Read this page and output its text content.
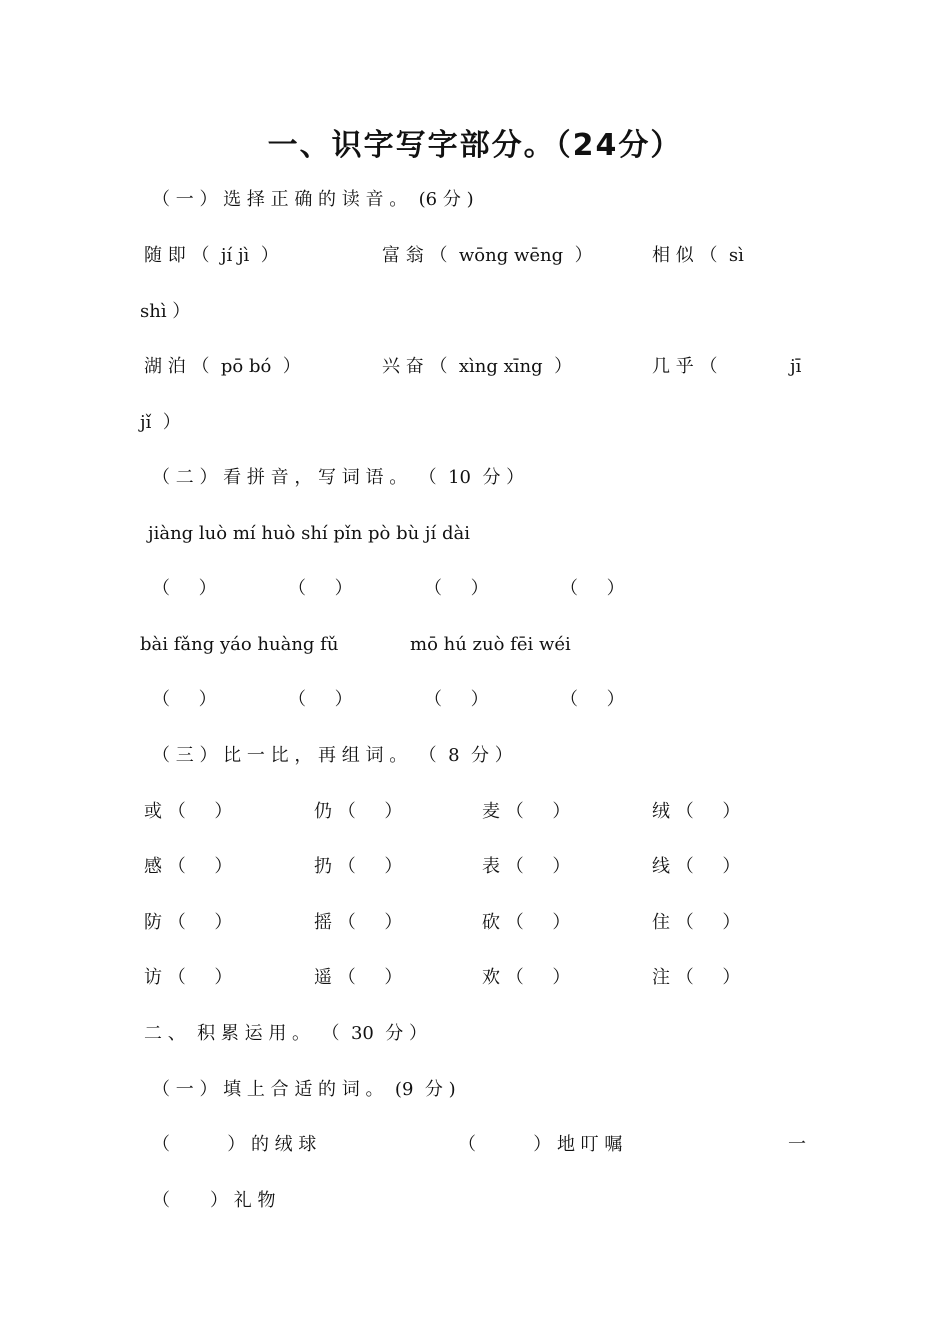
一、识字写字部分。（24分）
（ 一 ） 选 择 正 确 的 读 音 。  (6 分 )
随 即 （  jí jì  ）	富 翁 （  wōng wēng  ）	相 似 （  sì
shì ）
湖 泊 （  pō bó  ）	兴 奋 （  xìng xīng  ）	几 乎 （	jī
jǐ  ）
（ 二 ） 看 拼 音 ， 写 词 语 。  （  10  分 ）
jiàng luò mí huò shí pǐn pò bù jí dài
（     ）	（     ）	（     ）	（     ）
bài fǎng yáo huàng fǔ	mō hú zuò fēi wéi
（     ）	（     ）	（     ）	（     ）
（ 三 ） 比 一 比 ， 再 组 词 。  （  8  分 ）
或 （     ）	仍 （     ）	麦 （     ）	绒 （     ）
感 （     ）	扔 （     ）	表 （     ）	线 （     ）
防 （     ）	摇 （     ）	砍 （     ）	住 （     ）
访 （     ）	遥 （     ）	欢 （     ）	注 （     ）
二 、  积 累 运 用 。  （  30  分 ）
（ 一 ） 填 上 合 适 的 词 。  (9  分 )
（          ） 的 绒 球	（          ） 地 叮 嘱	一
（       ） 礼 物
